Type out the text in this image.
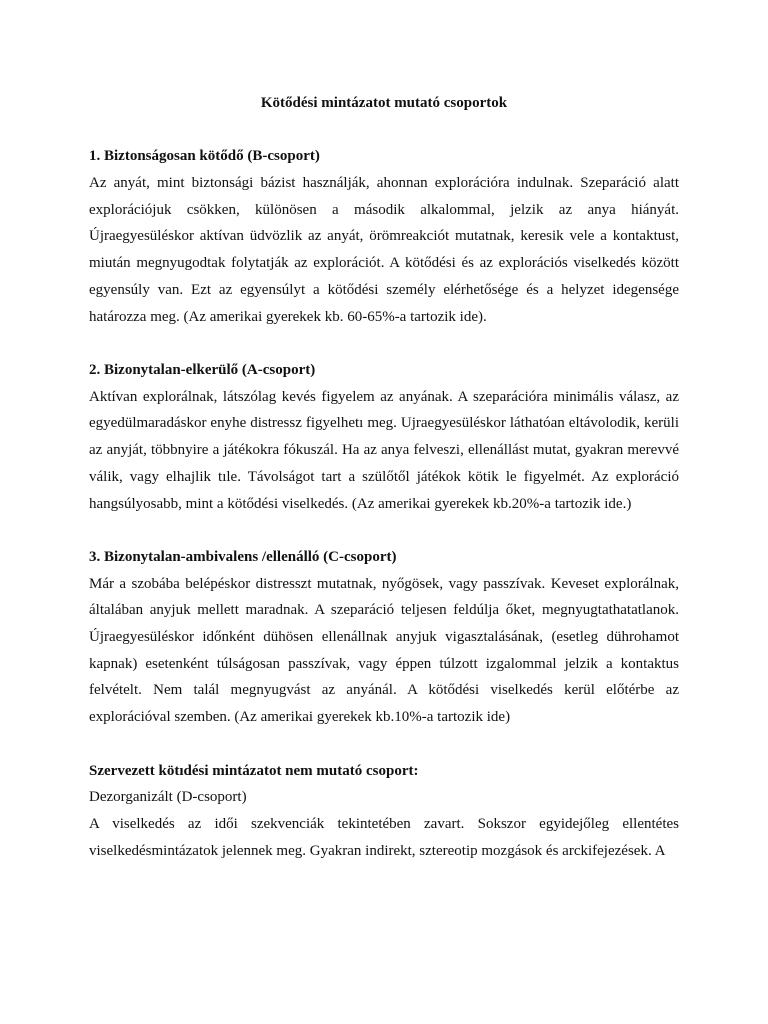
Kötődési mintázatot mutató csoportok

1. Biztonságosan kötődő (B-csoport)

Az anyát, mint biztonsági bázist használják, ahonnan explorációra indulnak. Szeparáció alatt explorációjuk csökken, különösen a második alkalommal, jelzik az anya hiányát. Újraegyesüléskor aktívan üdvözlik az anyát, örömreakciót mutatnak, keresik vele a kontaktust, miután megnyugodtak folytatják az explorációt. A kötődési és az explorációs viselkedés között egyensúly van. Ezt az egyensúlyt a kötődési személy elérhetősége és a helyzet idegensége határozza meg. (Az amerikai gyerekek kb. 60-65%-a tartozik ide).

2. Bizonytalan-elkerülő (A-csoport)

Aktívan explorálnak, látszólag kevés figyelem az anyának. A szeparációra minimális válasz, az egyedülmaradáskor enyhe distressz figyelhetı meg. Ujraegyesüléskor láthatóan eltávolodik, kerüli az anyját, többnyire a játékokra fókuszál. Ha az anya felveszi, ellenállást mutat, gyakran merevvé válik, vagy elhajlik tıle. Távolságot tart a szülőtől játékok kötik le figyelmét. Az exploráció hangsúlyosabb, mint a kötődési viselkedés. (Az amerikai gyerekek kb.20%-a tartozik ide.)

3. Bizonytalan-ambivalens /ellenálló (C-csoport)

Már a szobába belépéskor distresszt mutatnak, nyőgösek, vagy passzívak. Keveset explorálnak, általában anyjuk mellett maradnak. A szeparáció teljesen feldúlja őket, megnyugtathatatlanok. Újraegyesüléskor időnként dühösen ellenállnak anyjuk vigasztalásának, (esetleg dührohamot kapnak) esetenként túlságosan passzívak, vagy éppen túlzott izgalommal jelzik a kontaktus felvételt. Nem talál megnyugvást az anyánál. A kötődési viselkedés kerül előtérbe az explorációval szemben. (Az amerikai gyerekek kb.10%-a tartozik ide)

Szervezett kötıdési mintázatot nem mutató csoport:

Dezorganizált (D-csoport)

A viselkedés az idői szekvenciák tekintetében zavart. Sokszor egyidejőleg ellentétes viselkedésmintázatok jelennek meg. Gyakran indirekt, sztereotip mozgások és arckifejezések. A
